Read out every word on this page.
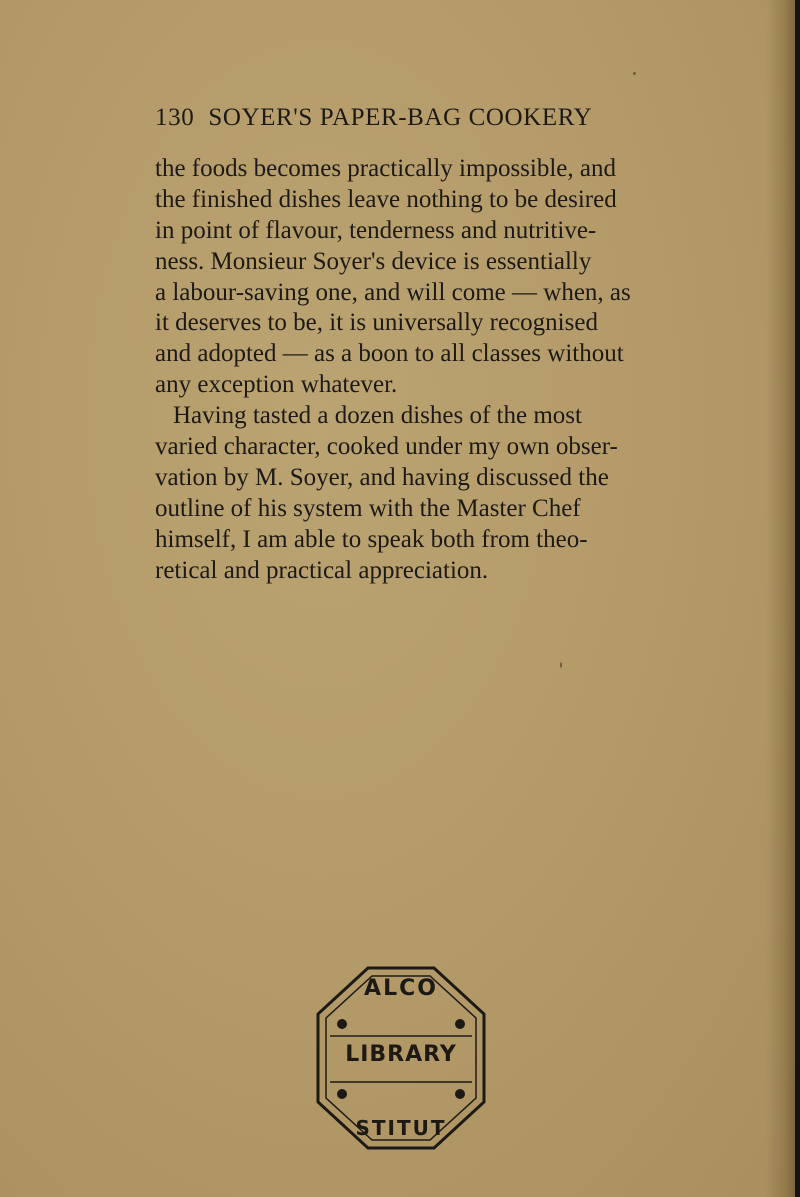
130 SOYER'S PAPER-BAG COOKERY
the foods becomes practically impossible, and
the finished dishes leave nothing to be desired
in point of flavour, tenderness and nutritive-
ness. Monsieur Soyer's device is essentially
a labour-saving one, and will come — when, as
it deserves to be, it is universally recognised
and adopted — as a boon to all classes without
any exception whatever.
Having tasted a dozen dishes of the most
varied character, cooked under my own obser-
vation by M. Soyer, and having discussed the
outline of his system with the Master Chef
himself, I am able to speak both from theo-
retical and practical appreciation.
ALCO
LIBRARY
STITUT
